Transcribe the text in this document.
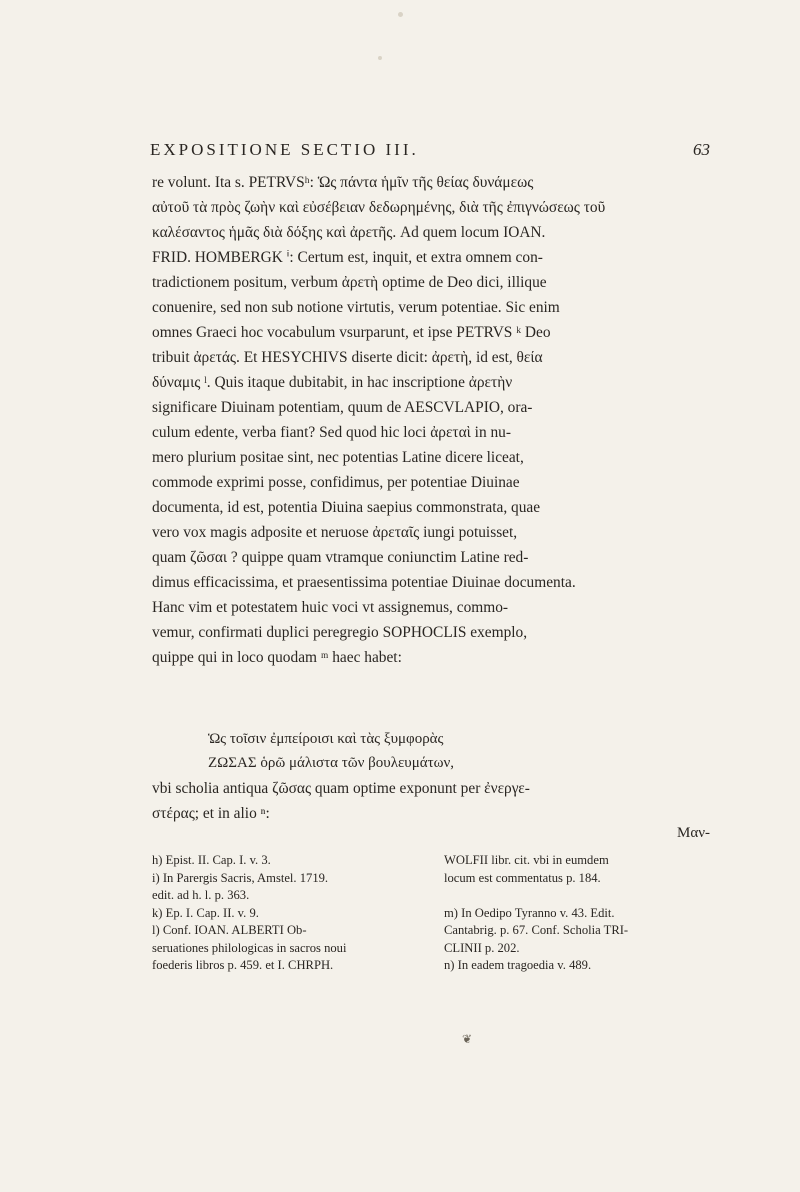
EXPOSITIONE SECTIO III.	63

re volunt. Ita s. PETRVSʰ: Ὡς πάντα ἡμῖν τῆς θείας δυνάμεως

αὐτοῦ τὰ πρὸς ζωὴν καὶ εὐσέβειαν δεδωρημένης, διὰ τῆς ἐπιγνώσεως τοῦ

καλέσαντος ἡμᾶς διὰ δόξης καὶ ἀρετῆς. Ad quem locum IOAN.

FRID. HOMBERGK ⁱ: Certum est, inquit, et extra omnem con-

tradictionem positum, verbum ἀρετὴ optime de Deo dici, illique

conuenire, sed non sub notione virtutis, verum potentiae. Sic enim

omnes Graeci hoc vocabulum vsurparunt, et ipse PETRVS ᵏ Deo

tribuit ἀρετάς. Et HESYCHIVS diserte dicit: ἀρετὴ, id est, θεία

δύναμις ˡ. Quis itaque dubitabit, in hac inscriptione ἀρετὴν

significare Diuinam potentiam, quum de AESCVLAPIO, ora-

culum edente, verba fiant? Sed quod hic loci ἀρεταὶ in nu-

mero plurium positae sint, nec potentias Latine dicere liceat,

commode exprimi posse, confidimus, per potentiae Diuinae

documenta, id est, potentia Diuina saepius commonstrata, quae

vero vox magis adposite et neruose ἀρεταῖς iungi potuisset,

quam ζῶσαι ? quippe quam vtramque coniunctim Latine red-

dimus efficacissima, et praesentissima potentiae Diuinae documenta.

Hanc vim et potestatem huic voci vt assignemus, commo-

vemur, confirmati duplici peregregio SOPHOCLIS exemplo,

quippe qui in loco quodam ᵐ haec habet:

Ὡς τοῖσιν ἐμπείροισι καὶ τὰς ξυμφορὰς
ΖΩΣΑΣ ὁρῶ μάλιστα τῶν βουλευμάτων,
vbi scholia antiqua ζῶσας quam optime exponunt per ἐνεργε-
στέρας; et in alio ⁿ:
Μαν-
h) Epist. II. Cap. I. v. 3.
i) In Parergis Sacris, Amstel. 1719.
edit. ad h. l. p. 363.
k) Ep. I. Cap. II. v. 9.
l) Conf. IOAN. ALBERTI Ob-
seruationes philologicas in sacros noui
foederis libros p. 459. et I. CHRPH.
WOLFII libr. cit. vbi in eumdem
locum est commentatus p. 184.

m) In Oedipo Tyranno v. 43. Edit.
Cantabrig. p. 67. Conf. Scholia TRI-
CLINII p. 202.
n) In eadem tragoedia v. 489.
❦
